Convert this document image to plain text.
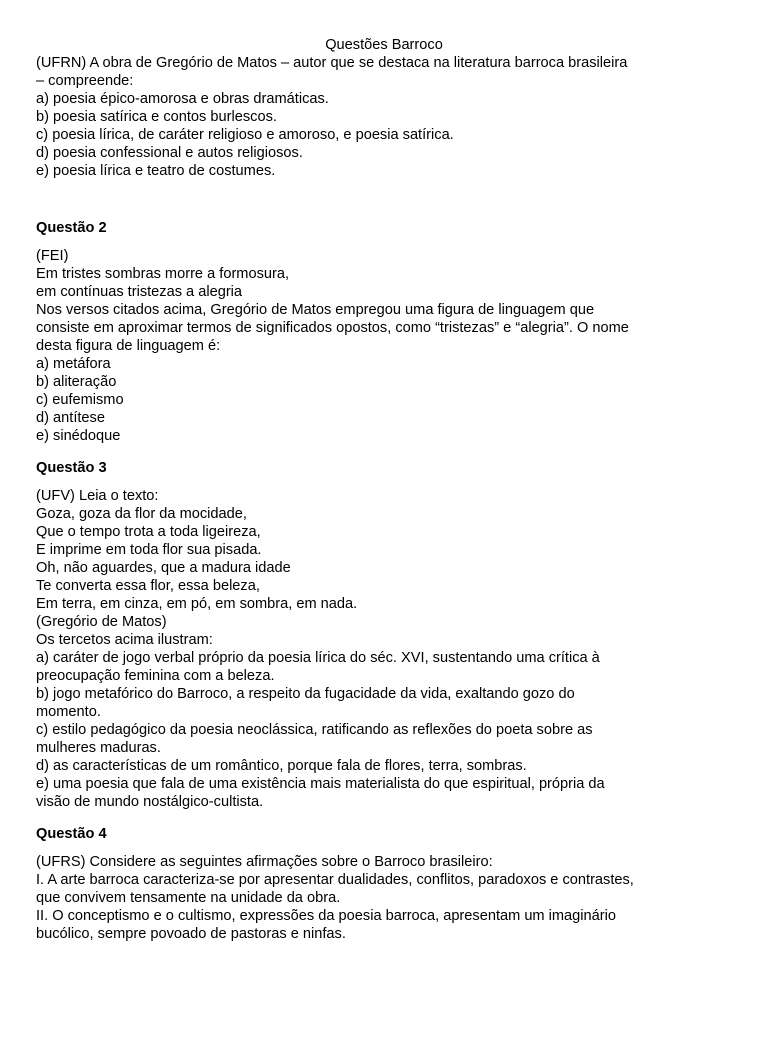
Questões Barroco
(UFRN) A obra de Gregório de Matos – autor que se destaca na literatura barroca brasileira
– compreende:
a) poesia épico-amorosa e obras dramáticas.
b) poesia satírica e contos burlescos.
c) poesia lírica, de caráter religioso e amoroso, e poesia satírica.
d) poesia confessional e autos religiosos.
e) poesia lírica e teatro de costumes.
Questão 2
(FEI)
Em tristes sombras morre a formosura,
em contínuas tristezas a alegria
Nos versos citados acima, Gregório de Matos empregou uma figura de linguagem que
consiste em aproximar termos de significados opostos, como “tristezas” e “alegria”. O nome
desta figura de linguagem é:
a) metáfora
b) aliteração
c) eufemismo
d) antítese
e) sinédoque
Questão 3
(UFV) Leia o texto:
Goza, goza da flor da mocidade,
Que o tempo trota a toda ligeireza,
E imprime em toda flor sua pisada.
Oh, não aguardes, que a madura idade
Te converta essa flor, essa beleza,
Em terra, em cinza, em pó, em sombra, em nada.
(Gregório de Matos)
Os tercetos acima ilustram:
a) caráter de jogo verbal próprio da poesia lírica do séc. XVI, sustentando uma crítica à
preocupação feminina com a beleza.
b) jogo metafórico do Barroco, a respeito da fugacidade da vida, exaltando gozo do
momento.
c) estilo pedagógico da poesia neoclássica, ratificando as reflexões do poeta sobre as
mulheres maduras.
d) as características de um romântico, porque fala de flores, terra, sombras.
e) uma poesia que fala de uma existência mais materialista do que espiritual, própria da
visão de mundo nostálgico-cultista.
Questão 4
(UFRS) Considere as seguintes afirmações sobre o Barroco brasileiro:
I. A arte barroca caracteriza-se por apresentar dualidades, conflitos, paradoxos e contrastes,
que convivem tensamente na unidade da obra.
II. O conceptismo e o cultismo, expressões da poesia barroca, apresentam um imaginário
bucólico, sempre povoado de pastoras e ninfas.
